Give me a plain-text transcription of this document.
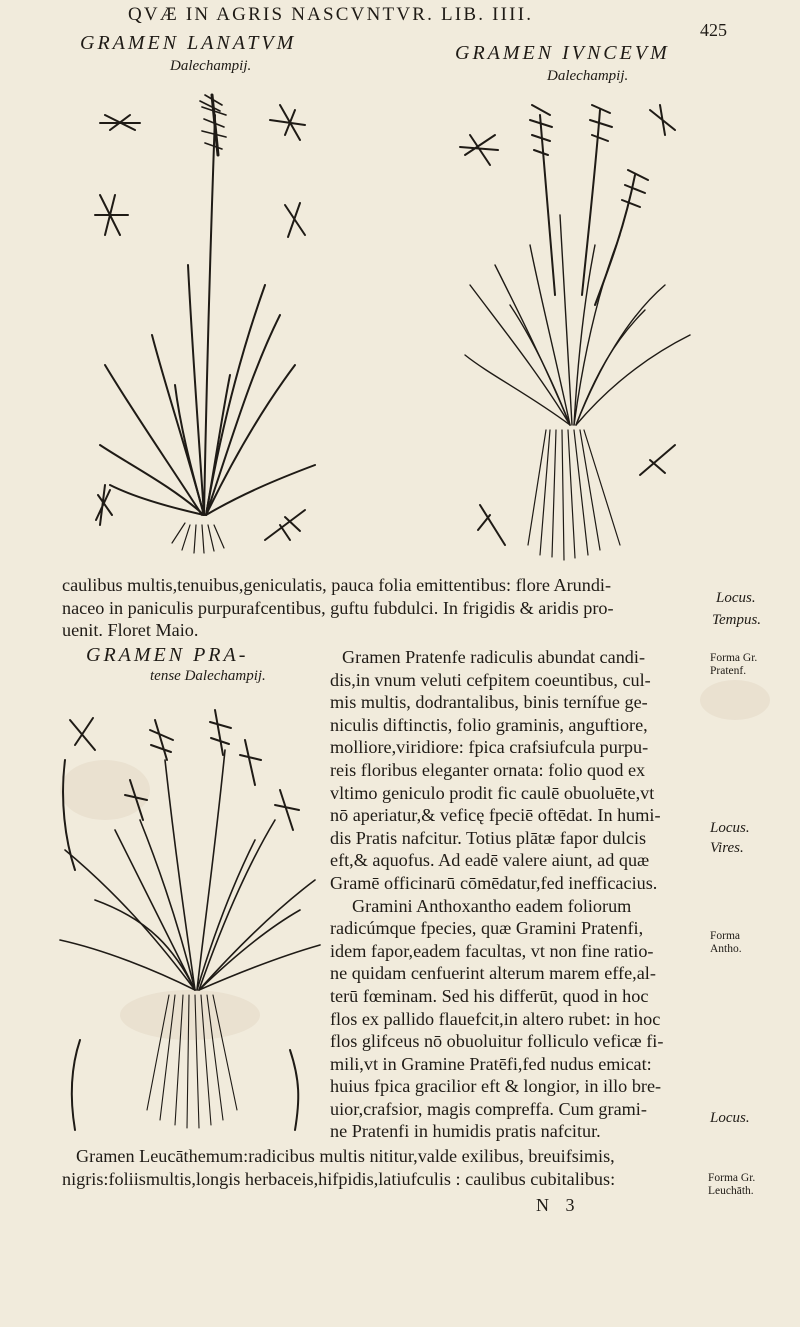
QVÆ IN AGRIS NASCVNTVR. LIB. IIII.
425
GRAMEN LANATVM
Dalechampij.
GRAMEN IVNCEVM
Dalechampij.
caulibus multis,tenuibus,geniculatis, pauca folia emittentibus: flore Arundi-
naceo in paniculis purpurafcentibus, guftu fubdulci. In frigidis & aridis pro-
uenit. Floret Maio.
GRAMEN PRA-
tense Dalechampij.
Gramen Pratenfe radiculis abundat candi-
dis,in vnum veluti cefpitem coeuntibus, cul-
mis multis, dodrantalibus, binis ternífue ge-
niculis diftinctis, folio graminis, anguftiore,
molliore,viridiore: fpica crafsiufcula purpu-
reis floribus eleganter ornata: folio quod ex
vltimo geniculo prodit fic caulē obuoluēte,vt
nō aperiatur,& veficę fpeciē oftēdat. In humi-
dis Pratis nafcitur. Totius plātæ fapor dulcis
eft,& aquofus. Ad eadē valere aiunt, ad quæ
Gramē officinarū cōmēdatur,fed inefficacius.
Gramini Anthoxantho eadem foliorum
radicúmque fpecies, quæ Gramini Pratenfi,
idem fapor,eadem facultas, vt non fine ratio-
ne quidam cenfuerint alterum marem effe,al-
terū fœminam. Sed his differūt, quod in hoc
flos ex pallido flauefcit,in altero rubet: in hoc
flos glifceus nō obuoluitur folliculo veficæ fi-
mili,vt in Gramine Pratēfi,fed nudus emicat:
huius fpica gracilior eft & longior, in illo bre-
uior,crafsior, magis compreffa. Cum grami-
ne Pratenfi in humidis pratis nafcitur.
Gramen Leucāthemum:radicibus multis nititur,valde exilibus, breuifsimis,
nigris:foliismultis,longis herbaceis,hifpidis,latiufculis : caulibus cubitalibus:
N 3
Locus.
Tempus.
Forma Gr.
Pratenf.
Locus.
Vires.
Forma
Antho.
Locus.
Forma Gr.
Leuchāth.
